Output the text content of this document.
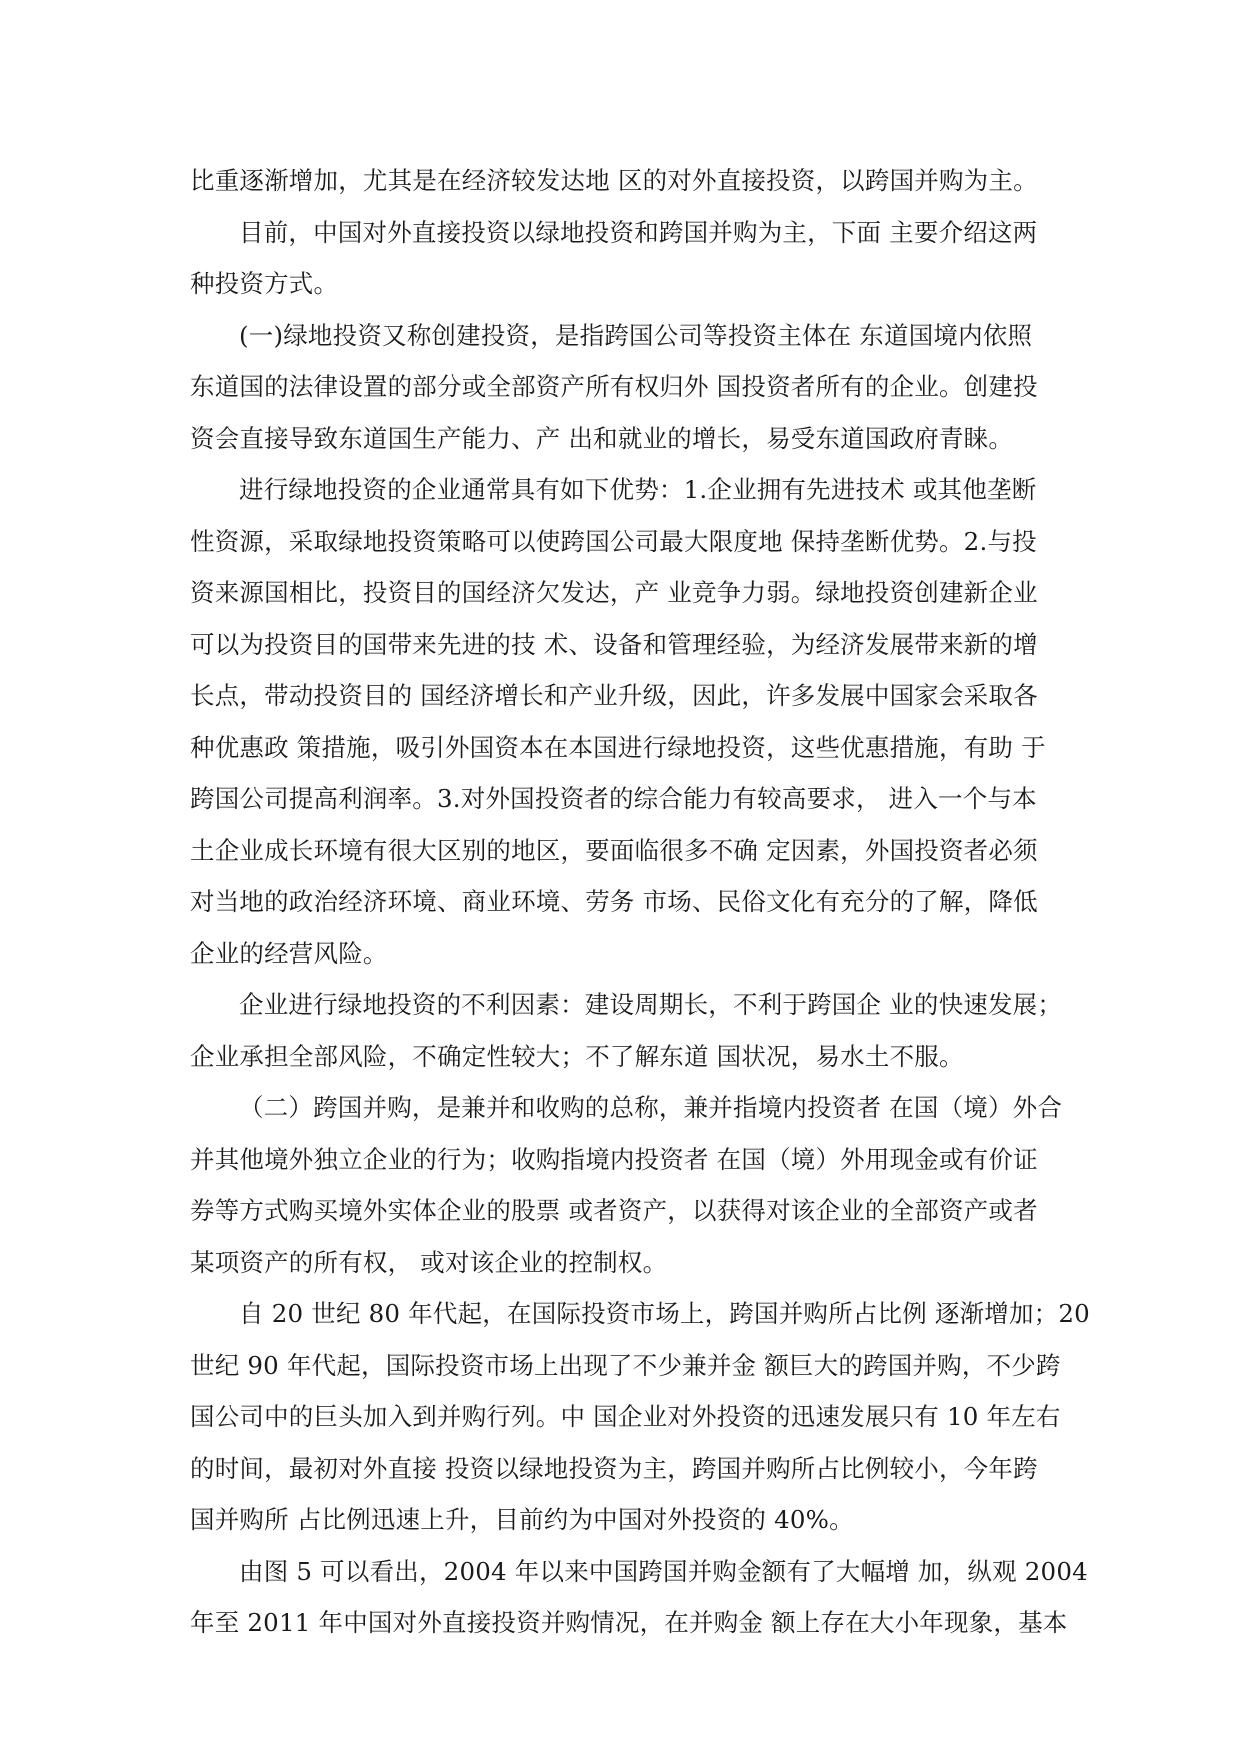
比重逐渐增加，尤其是在经济较发达地 区的对外直接投资，以跨国并购为主。
目前，中国对外直接投资以绿地投资和跨国并购为主，下面 主要介绍这两
种投资方式。
(一)绿地投资又称创建投资，是指跨国公司等投资主体在 东道国境内依照
东道国的法律设置的部分或全部资产所有权归外 国投资者所有的企业。创建投
资会直接导致东道国生产能力、产 出和就业的增长，易受东道国政府青睐。
进行绿地投资的企业通常具有如下优势：1.企业拥有先进技术 或其他垄断
性资源，采取绿地投资策略可以使跨国公司最大限度地 保持垄断优势。2.与投
资来源国相比，投资目的国经济欠发达，产 业竞争力弱。绿地投资创建新企业
可以为投资目的国带来先进的技 术、设备和管理经验，为经济发展带来新的增
长点，带动投资目的 国经济增长和产业升级，因此，许多发展中国家会采取各
种优惠政 策措施，吸引外国资本在本国进行绿地投资，这些优惠措施，有助 于
跨国公司提高利润率。3.对外国投资者的综合能力有较高要求， 进入一个与本
土企业成长环境有很大区别的地区，要面临很多不确 定因素，外国投资者必须
对当地的政治经济环境、商业环境、劳务 市场、民俗文化有充分的了解，降低
企业的经营风险。
企业进行绿地投资的不利因素：建设周期长，不利于跨国企 业的快速发展；
企业承担全部风险，不确定性较大；不了解东道 国状况，易水土不服。
（二）跨国并购，是兼并和收购的总称，兼并指境内投资者 在国（境）外合
并其他境外独立企业的行为；收购指境内投资者 在国（境）外用现金或有价证
券等方式购买境外实体企业的股票 或者资产，以获得对该企业的全部资产或者
某项资产的所有权， 或对该企业的控制权。
自 20 世纪 80 年代起，在国际投资市场上，跨国并购所占比例 逐渐增加；20
世纪 90 年代起，国际投资市场上出现了不少兼并金 额巨大的跨国并购，不少跨
国公司中的巨头加入到并购行列。中 国企业对外投资的迅速发展只有 10 年左右
的时间，最初对外直接 投资以绿地投资为主，跨国并购所占比例较小，今年跨
国并购所 占比例迅速上升，目前约为中国对外投资的 40%。
由图 5 可以看出，2004 年以来中国跨国并购金额有了大幅增 加，纵观 2004
年至 2011 年中国对外直接投资并购情况，在并购金 额上存在大小年现象，基本
